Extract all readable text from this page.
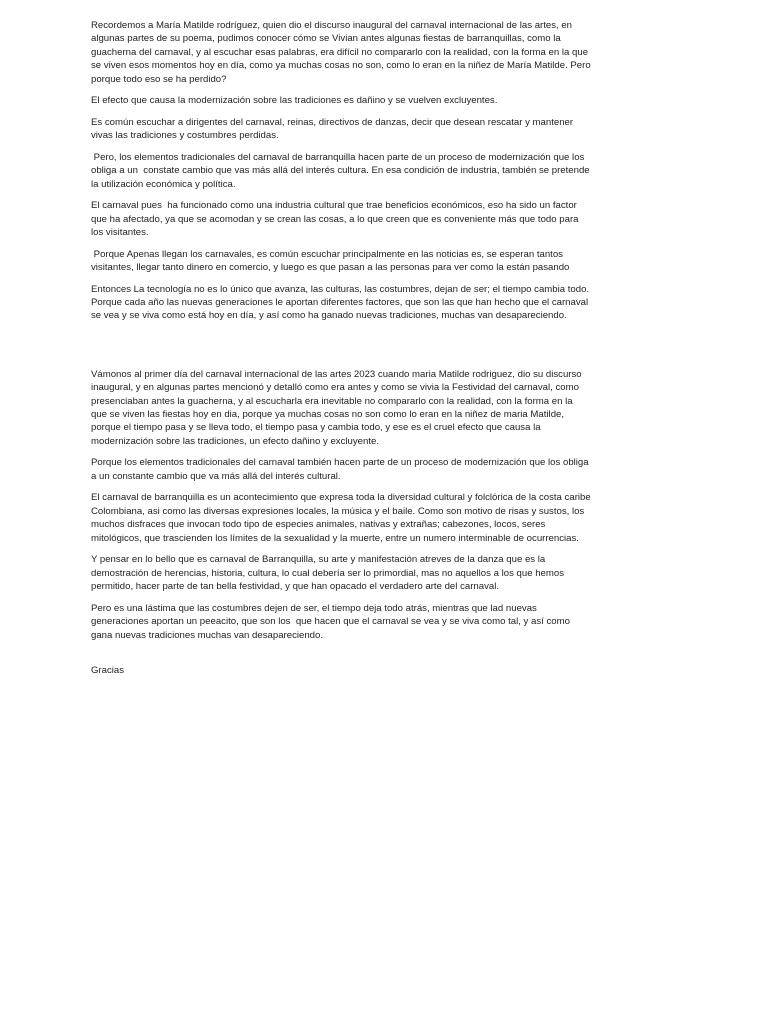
Recordemos a María Matilde rodríguez, quien dio el discurso inaugural del carnaval internacional de las artes, en algunas partes de su poema, pudimos conocer cómo se Vivian antes algunas fiestas de barranquillas, como la guacherna del carnaval, y al escuchar esas palabras, era difícil no compararlo con la realidad, con la forma en la que se viven esos momentos hoy en día, como ya muchas cosas no son, como lo eran en la niñez de María Matilde. Pero porque todo eso se ha perdido?

El efecto que causa la modernización sobre las tradiciones es dañino y se vuelven excluyentes.

Es común escuchar a dirigentes del carnaval, reinas, directivos de danzas, decir que desean rescatar y mantener vivas las tradiciones y costumbres perdidas.

Pero, los elementos tradicionales del carnaval de barranquilla hacen parte de un proceso de modernización que los obliga a un  constate cambio que vas más allá del interés cultura. En esa condición de industria, también se pretende la utilización económica y política.

El carnaval pues  ha funcionado como una industria cultural que trae beneficios económicos, eso ha sido un factor que ha afectado, ya que se acomodan y se crean las cosas, a lo que creen que es conveniente más que todo para los visitantes.

Porque Apenas llegan los carnavales, es común escuchar principalmente en las noticias es, se esperan tantos visitantes, llegar tanto dinero en comercio, y luego es que pasan a las personas para ver como la están pasando

Entonces La tecnología no es lo único que avanza, las culturas, las costumbres, dejan de ser; el tiempo cambia todo. Porque cada año las nuevas generaciones le aportan diferentes factores, que son las que han hecho que el carnaval se vea y se viva como está hoy en día, y así como ha ganado nuevas tradiciones, muchas van desapareciendo.

Vámonos al primer día del carnaval internacional de las artes 2023 cuando maria Matilde rodriguez, dio su discurso inaugural, y en algunas partes mencionó y detalló como era antes y como se vivia la Festividad del carnaval, como presenciaban antes la guacherna, y al escucharla era inevitable no compararlo con la realidad, con la forma en la que se viven las fiestas hoy en dia, porque ya muchas cosas no son como lo eran en la niñez de maria Matilde, porque el tiempo pasa y se lleva todo, el tiempo pasa y cambia todo, y ese es el cruel efecto que causa la modernización sobre las tradiciones, un efecto dañino y excluyente.

Porque los elementos tradicionales del carnaval también hacen parte de un proceso de modernización que los obliga a un constante cambio que va más allá del interés cultural.

El carnaval de barranquilla es un acontecimiento que expresa toda la diversidad cultural y folclórica de la costa caribe Colombiana, asi como las diversas expresiones locales, la música y el baile. Como son motivo de risas y sustos, los muchos disfraces que invocan todo tipo de especies animales, nativas y extrañas; cabezones, locos, seres mitológicos, que trascienden los límites de la sexualidad y la muerte, entre un numero interminable de ocurrencias.

Y pensar en lo bello que es carnaval de Barranquilla, su arte y manifestación atreves de la danza que es la demostración de herencias, historia, cultura, lo cual debería ser lo primordial, mas no aquellos a los que hemos permitido, hacer parte de tan bella festividad, y que han opacado el verdadero arte del carnaval.

Pero es una lástima que las costumbres dejen de ser, el tiempo deja todo atrás, mientras que lad nuevas generaciones aportan un peeacito, que son los  que hacen que el carnaval se vea y se viva como tal, y así como gana nuevas tradiciones muchas van desapareciendo.

Gracias
